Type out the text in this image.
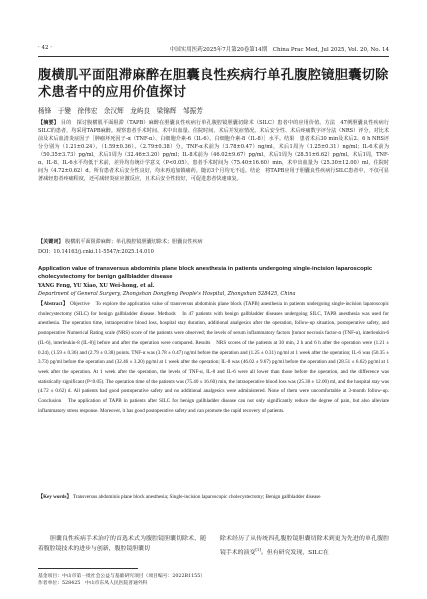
· 42 ·	中国实用医药2025年7月第20卷第14期　China Prac Med, Jul 2025, Vol. 20, No. 14
腹横肌平面阻滞麻醉在胆囊良性疾病行单孔腹腔镜胆囊切除术患者中的应用价值探讨
杨锋　于變　徐伟宏　余汉辉　龙屿良　梁锦辉　邹振芳
【摘要】 目的　探讨腹横肌平面阻滞（TAPB）麻醉在胆囊良性疾病行单孔腹腔镜胆囊切除术（SILC）患者中的应用价值。方法　47例胆囊良性疾病行SILC的患者，均采用TAPB麻醉。观察患者手术时间、术中出血量、住院时间、术后并发症情况、术后安全性、术后疼痛数字评分法（NRS）评分，对比术前及术后血清炎症因子［肿瘤坏死因子-α（TNF-α）、白细胞介素-6（IL-6）、白细胞介素-8（IL-8）］水平。结果　患者术后30 min及术后2、6 h NRS评分分别为（1.21±0.24）、（1.59±0.36）、（2.79±0.38）分。TNF-α术前为（3.78±0.47）ng/ml，术后1周为（1.25±0.31）ng/ml；IL-6术前为（50.35±3.73）pg/ml，术后1周为（32.46±3.20）pg/ml；IL-8术前为（46.02±9.67）pg/ml，术后1周为（28.51±6.62）pg/ml。术后1周，TNF-α、IL-8、IL-6水平均低于术前，差异均有统计学意义（P<0.05）。患者手术时间为（75.40±16.60）min，术中出血量为（25.30±12.00）ml，住院时间为（4.72±0.62）d。所有患者术后安全性良好，均未再追加镇痛药。随访3个月均无不适。结论　将TAPB应用于胆囊良性疾病行SILC患者中，不仅可显著减轻患者疼痛程度，还可减轻炎症应激反应，且术后安全性较好，可促进患者快速康复。
【关键词】 腹横肌平面阻滞麻醉；单孔腹腔镜胆囊切除术；胆囊良性疾病
DOI：10.14163/j.cnki.11-5547/r.2025.14.010
Application value of transversus abdominis plane block anesthesia in patients undergoing single-incision laparoscopic cholecystectomy for benign gallbladder disease
YANG Feng, YU Xiao, XU Wei-hong, et al.
Department of General Surgery, Zhongshan Dongfeng People's Hospital, Zhongshan 528425, China
【Abstract】 Objective　To explore the application value of transversus abdominis plane block (TAPB) anesthesia in patients undergoing single-incision laparoscopic cholecystectomy (SILC) for benign gallbladder disease. Methods　In 47 patients with benign gallbladder diseases undergoing SILC, TAPB anesthesia was used for anesthesia. The operation time, intraoperative blood loss, hospital stay duration, additional analgesics after the operation, follow-up situation, postoperative safety, and postoperative Numerical Rating scale (NRS) score of the patients were observed; the levels of serum inflammatory factors [tumor necrosis factor-α (TNF-α), interleukin-6 (IL-6), interleukin-8 (IL-8)] before and after the operation were compared. Results　NRS scores of the patients at 30 min, 2 h and 6 h after the operation were (1.21 ± 0.24), (1.59 ± 0.36) and (2.79 ± 0.38) points. TNF-α was (3.78 ± 0.47) ng/ml before the operation and (1.25 ± 0.31) ng/ml at 1 week after the operation; IL-6 was (50.35 ± 3.73) pg/ml before the operation and (32.46 ± 3.20) pg/ml at 1 week after the operation; IL-8 was (46.02 ± 9.67) pg/ml before the operation and (28.51 ± 6.62) pg/ml at 1 week after the operation. At 1 week after the operation, the levels of TNF-α, IL-8 and IL-6 were all lower than those before the operation, and the difference was statistically significant (P<0.05). The operation time of the patients was (75.40 ± 16.60) min, the intraoperative blood loss was (25.30 ± 12.00) ml, and the hospital stay was (4.72 ± 0.62) d. All patients had good postoperative safety and no additional analgesics were administered. None of them were uncomfortable at 3-month follow-up. Conclusion　The application of TAPB in patients after SILC for benign gallbladder disease can not only significantly reduce the degree of pain, but also alleviate inflammatory stress response. Moreover, it has good postoperative safety and can promote the rapid recovery of patients.
【Key words】 Transversus abdominis plane block anesthesia; Single-incision laparoscopic cholecystectomy; Benign gallbladder disease
胆囊良性疾病手术治疗的首选术式为腹腔镜胆囊切除术，随着腹腔镜技术的进步与创新，腹腔镜胆囊切
除术经历了从传统四孔腹腔镜胆囊切除术到更为先进的单孔腹腔镜手术的演变[1]。但有研究发现，SILC在
基金项目：中山市第一批社会公益与基础研究项目（项目编号：2022B1155）
作者单位：528425　中山市东凤人民医院普通外科
